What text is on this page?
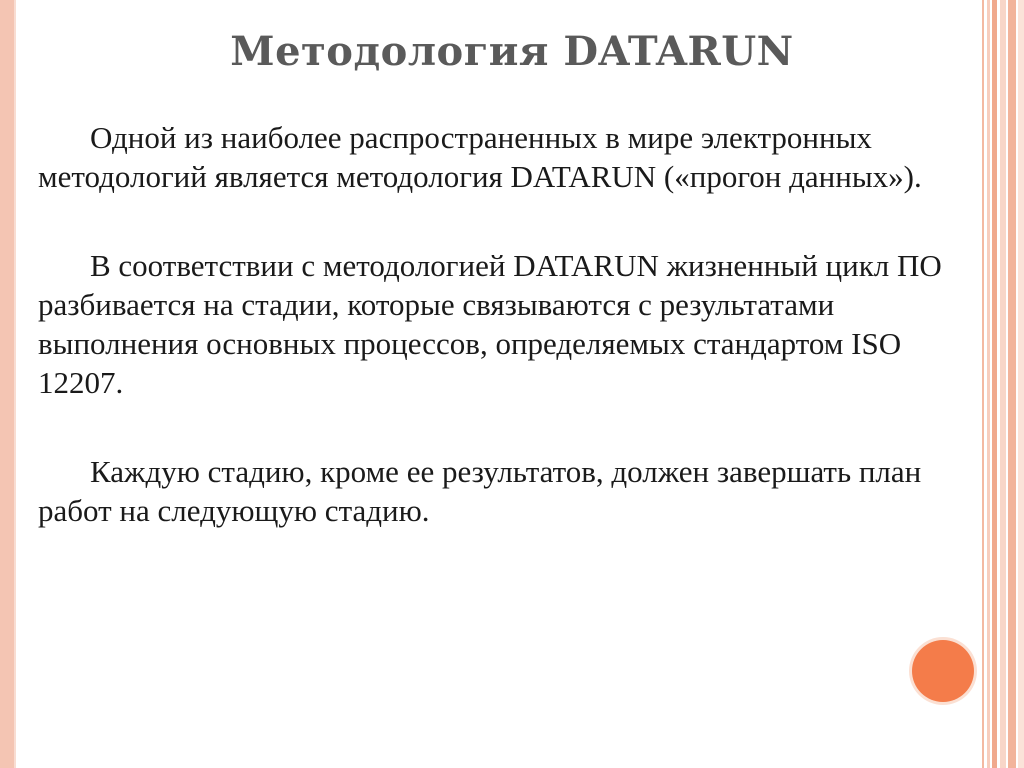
Методология DATARUN

Одной из наиболее распространенных в мире электронных методологий является методология DATARUN («прогон данных»).

В соответствии с методологией DATARUN жизненный цикл ПО разбивается на стадии, которые связываются с результатами выполнения основных процессов, определяемых стандартом ISO 12207.

Каждую стадию, кроме ее результатов, должен завершать план работ на следующую стадию.
